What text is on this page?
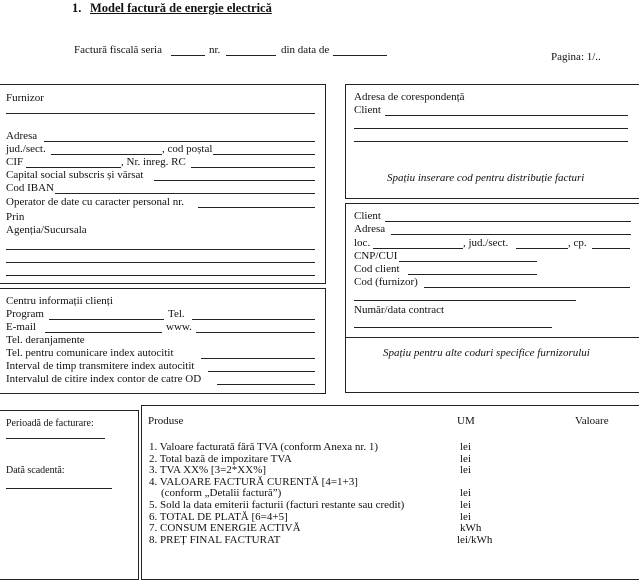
1. Model factură de energie electrică
Factură fiscală seria	nr.	din data de
Pagina: 1/..
Furnizor
Adresa
jud./sect.	, cod poștal
CIF	, Nr. inreg. RC
Capital social subscris și vărsat
Cod IBAN
Operator de date cu caracter personal nr.
Prin
Agenția/Sucursala
Centru informații clienți
Program	Tel.
E-mail	www.
Tel. deranjamente
Tel. pentru comunicare index autocitit
Interval de timp transmitere index autocitit
Intervalul de citire index contor de catre OD
Adresa de corespondență
Client
Spațiu inserare cod pentru distribuție facturi
Client
Adresa
loc.	, jud./sect.	, cp.
CNP/CUI
Cod client
Cod (furnizor)
Număr/data contract
Spațiu pentru alte coduri specifice furnizorului
Perioadă de facturare:
Dată scadentă:
Produse	UM	Valoare
1. Valoare facturată fără TVA (conform Anexa nr. 1)	lei
2. Total bază de impozitare TVA	lei
3. TVA XX% [3=2*XX%]	lei
4. VALOARE FACTURĂ CURENTĂ [4=1+3]
(conform „Detalii factură”)	lei
5. Sold la data emiterii facturii (facturi restante sau credit)	lei
6. TOTAL DE PLATĂ [6=4+5]	lei
7. CONSUM ENERGIE ACTIVĂ	kWh
8. PREȚ FINAL FACTURAT	lei/kWh
